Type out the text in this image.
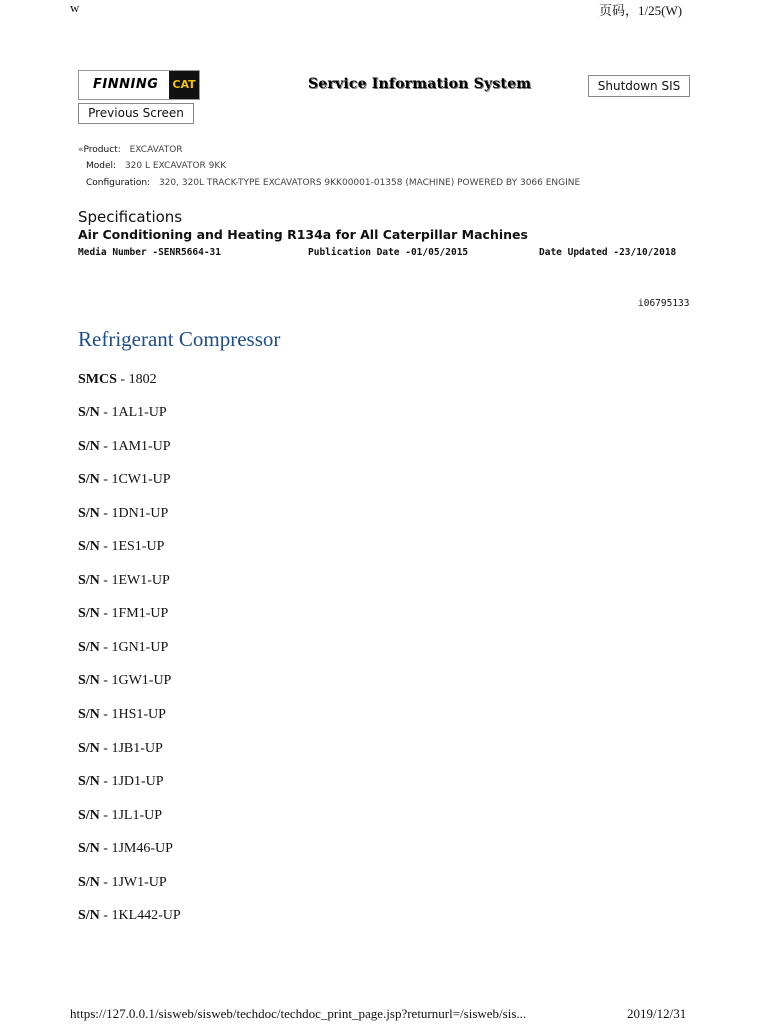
w	页码，1/25(W)
FINNING	CAT	Service Information System	Shutdown SIS
Previous Screen
«Product: EXCAVATOR
Model: 320 L EXCAVATOR 9KK
Configuration: 320, 320L TRACK-TYPE EXCAVATORS 9KK00001-01358 (MACHINE) POWERED BY 3066 ENGINE
Specifications
Air Conditioning and Heating R134a for All Caterpillar Machines
Media Number -SENR5664-31	Publication Date -01/05/2015	Date Updated -23/10/2018
i06795133
Refrigerant Compressor
SMCS - 1802
S/N - 1AL1-UP
S/N - 1AM1-UP
S/N - 1CW1-UP
S/N - 1DN1-UP
S/N - 1ES1-UP
S/N - 1EW1-UP
S/N - 1FM1-UP
S/N - 1GN1-UP
S/N - 1GW1-UP
S/N - 1HS1-UP
S/N - 1JB1-UP
S/N - 1JD1-UP
S/N - 1JL1-UP
S/N - 1JM46-UP
S/N - 1JW1-UP
S/N - 1KL442-UP
https://127.0.0.1/sisweb/sisweb/techdoc/techdoc_print_page.jsp?returnurl=/sisweb/sis...	2019/12/31
